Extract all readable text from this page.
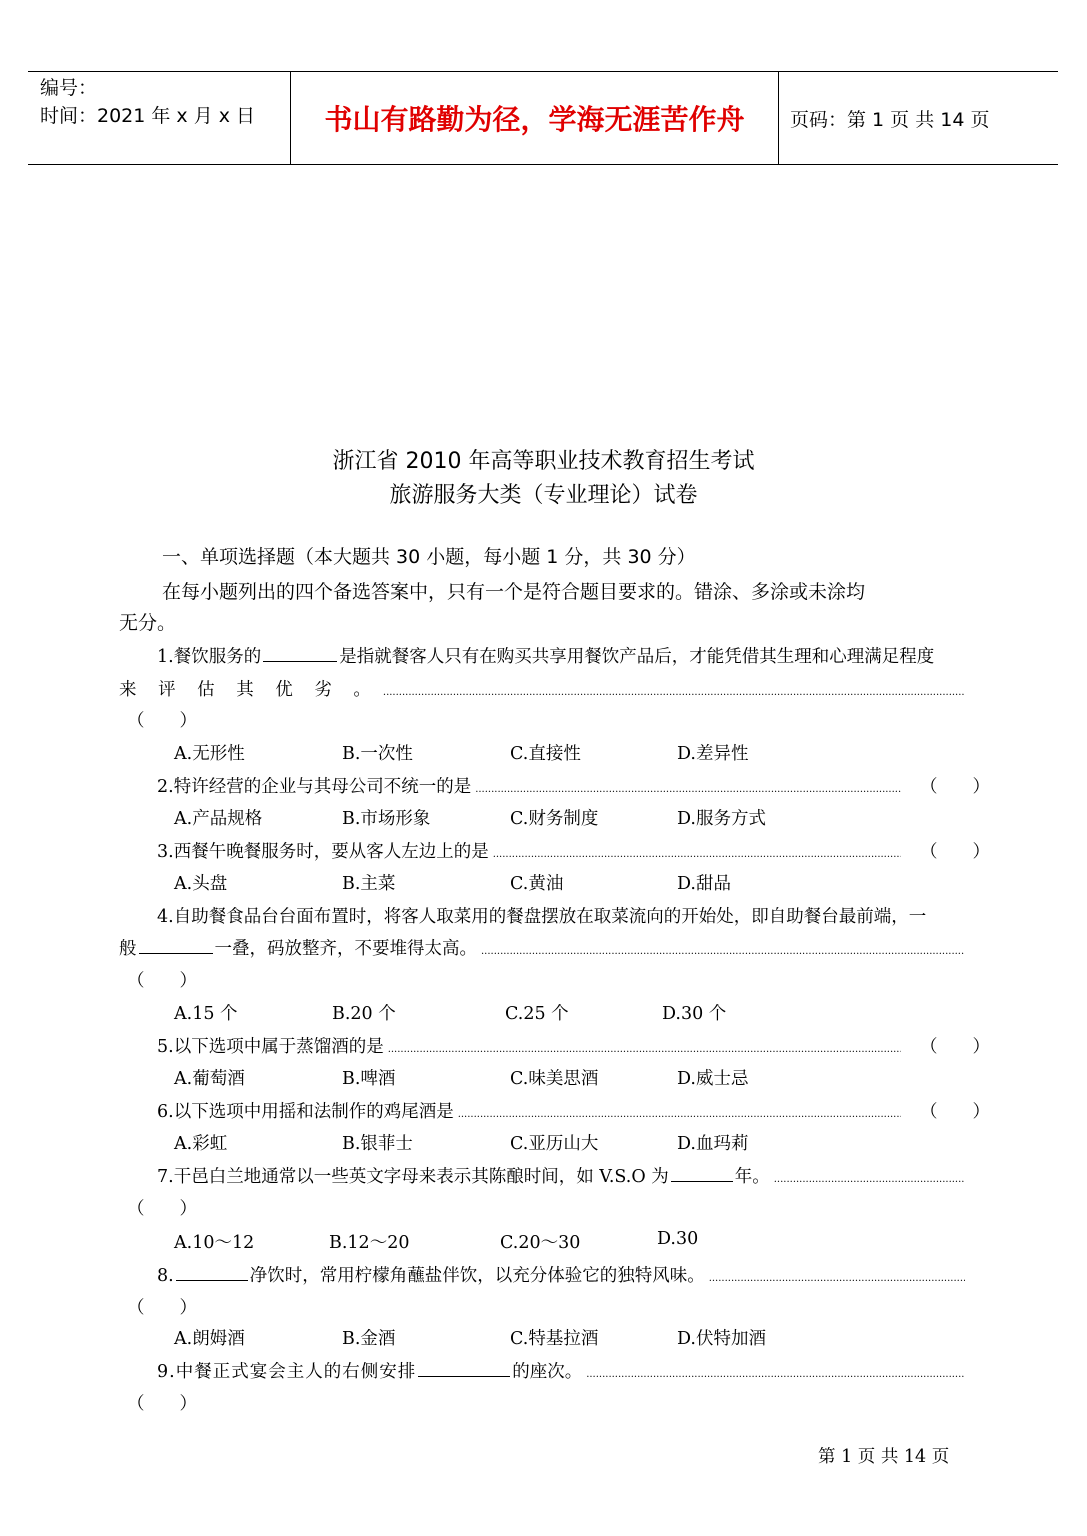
编号：
时间：2021 年 x 月 x 日	书山有路勤为径，学海无涯苦作舟	页码：第 1 页 共 14 页
浙江省 2010 年高等职业技术教育招生考试
旅游服务大类（专业理论）试卷
一、单项选择题（本大题共 30 小题，每小题 1 分，共 30 分）
在每小题列出的四个备选答案中，只有一个是符合题目要求的。错涂、多涂或未涂均
无分。
1.餐饮服务的	是指就餐客人只有在购买共享用餐饮产品后，才能凭借其生理和心理满足程度
来 评 估 其 优 劣 。
.....
（　　）
A.无形性	B.一次性	C.直接性	D.差异性
2.特许经营的企业与其母公司不统一的是 .....	（　　）
A.产品规格	B.市场形象	C.财务制度	D.服务方式
3.西餐午晚餐服务时，要从客人左边上的是 .....	（　　）
A.头盘	B.主菜	C.黄油	D.甜品
4.自助餐食品台台面布置时，将客人取菜用的餐盘摆放在取菜流向的开始处，即自助餐台最前端，一
般	一叠，码放整齐，不要堆得太高。
.....
（　　）
A.15 个	B.20 个	C.25 个	D.30 个
5.以下选项中属于蒸馏酒的是 .....	（　　）
A.葡萄酒	B.啤酒	C.味美思酒	D.威士忌
6.以下选项中用摇和法制作的鸡尾酒是 .....	（　　）
A.彩虹	B.银菲士	C.亚历山大	D.血玛莉
7.干邑白兰地通常以一些英文字母来表示其陈酿时间，如 V.S.O 为	年。
.....
（　　）
A.10～12	B.12～20	C.20～30	D.30
8.	净饮时，常用柠檬角蘸盐伴饮，以充分体验它的独特风味。
.....
（　　）
A.朗姆酒	B.金酒	C.特基拉酒	D.伏特加酒
9.中餐正式宴会主人的右侧安排	的座次。
.....
（　　）
第 1 页 共 14 页
